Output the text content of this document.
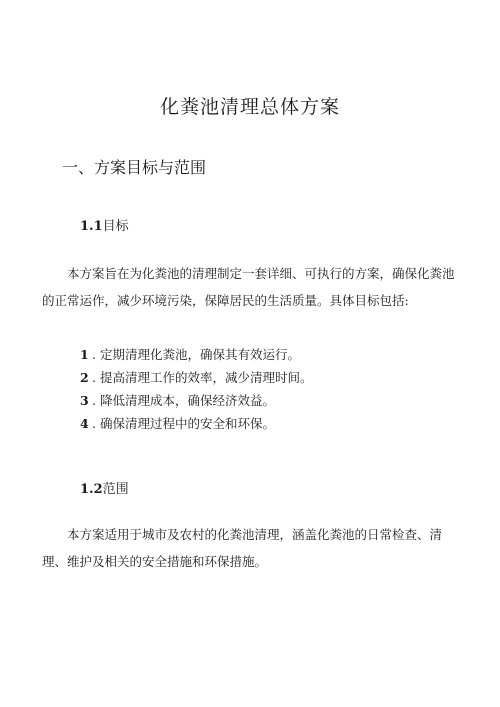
化粪池清理总体方案
一、方案目标与范围
1.1目标
本方案旨在为化粪池的清理制定一套详细、可执行的方案，确保化粪池的正常运作，减少环境污染，保障居民的生活质量。具体目标包括:
1 . 定期清理化粪池，确保其有效运行。
2 . 提高清理工作的效率，减少清理时间。
3 . 降低清理成本，确保经济效益。
4 . 确保清理过程中的安全和环保。
1.2范围
本方案适用于城市及农村的化粪池清理，涵盖化粪池的日常检查、清理、维护及相关的安全措施和环保措施。
